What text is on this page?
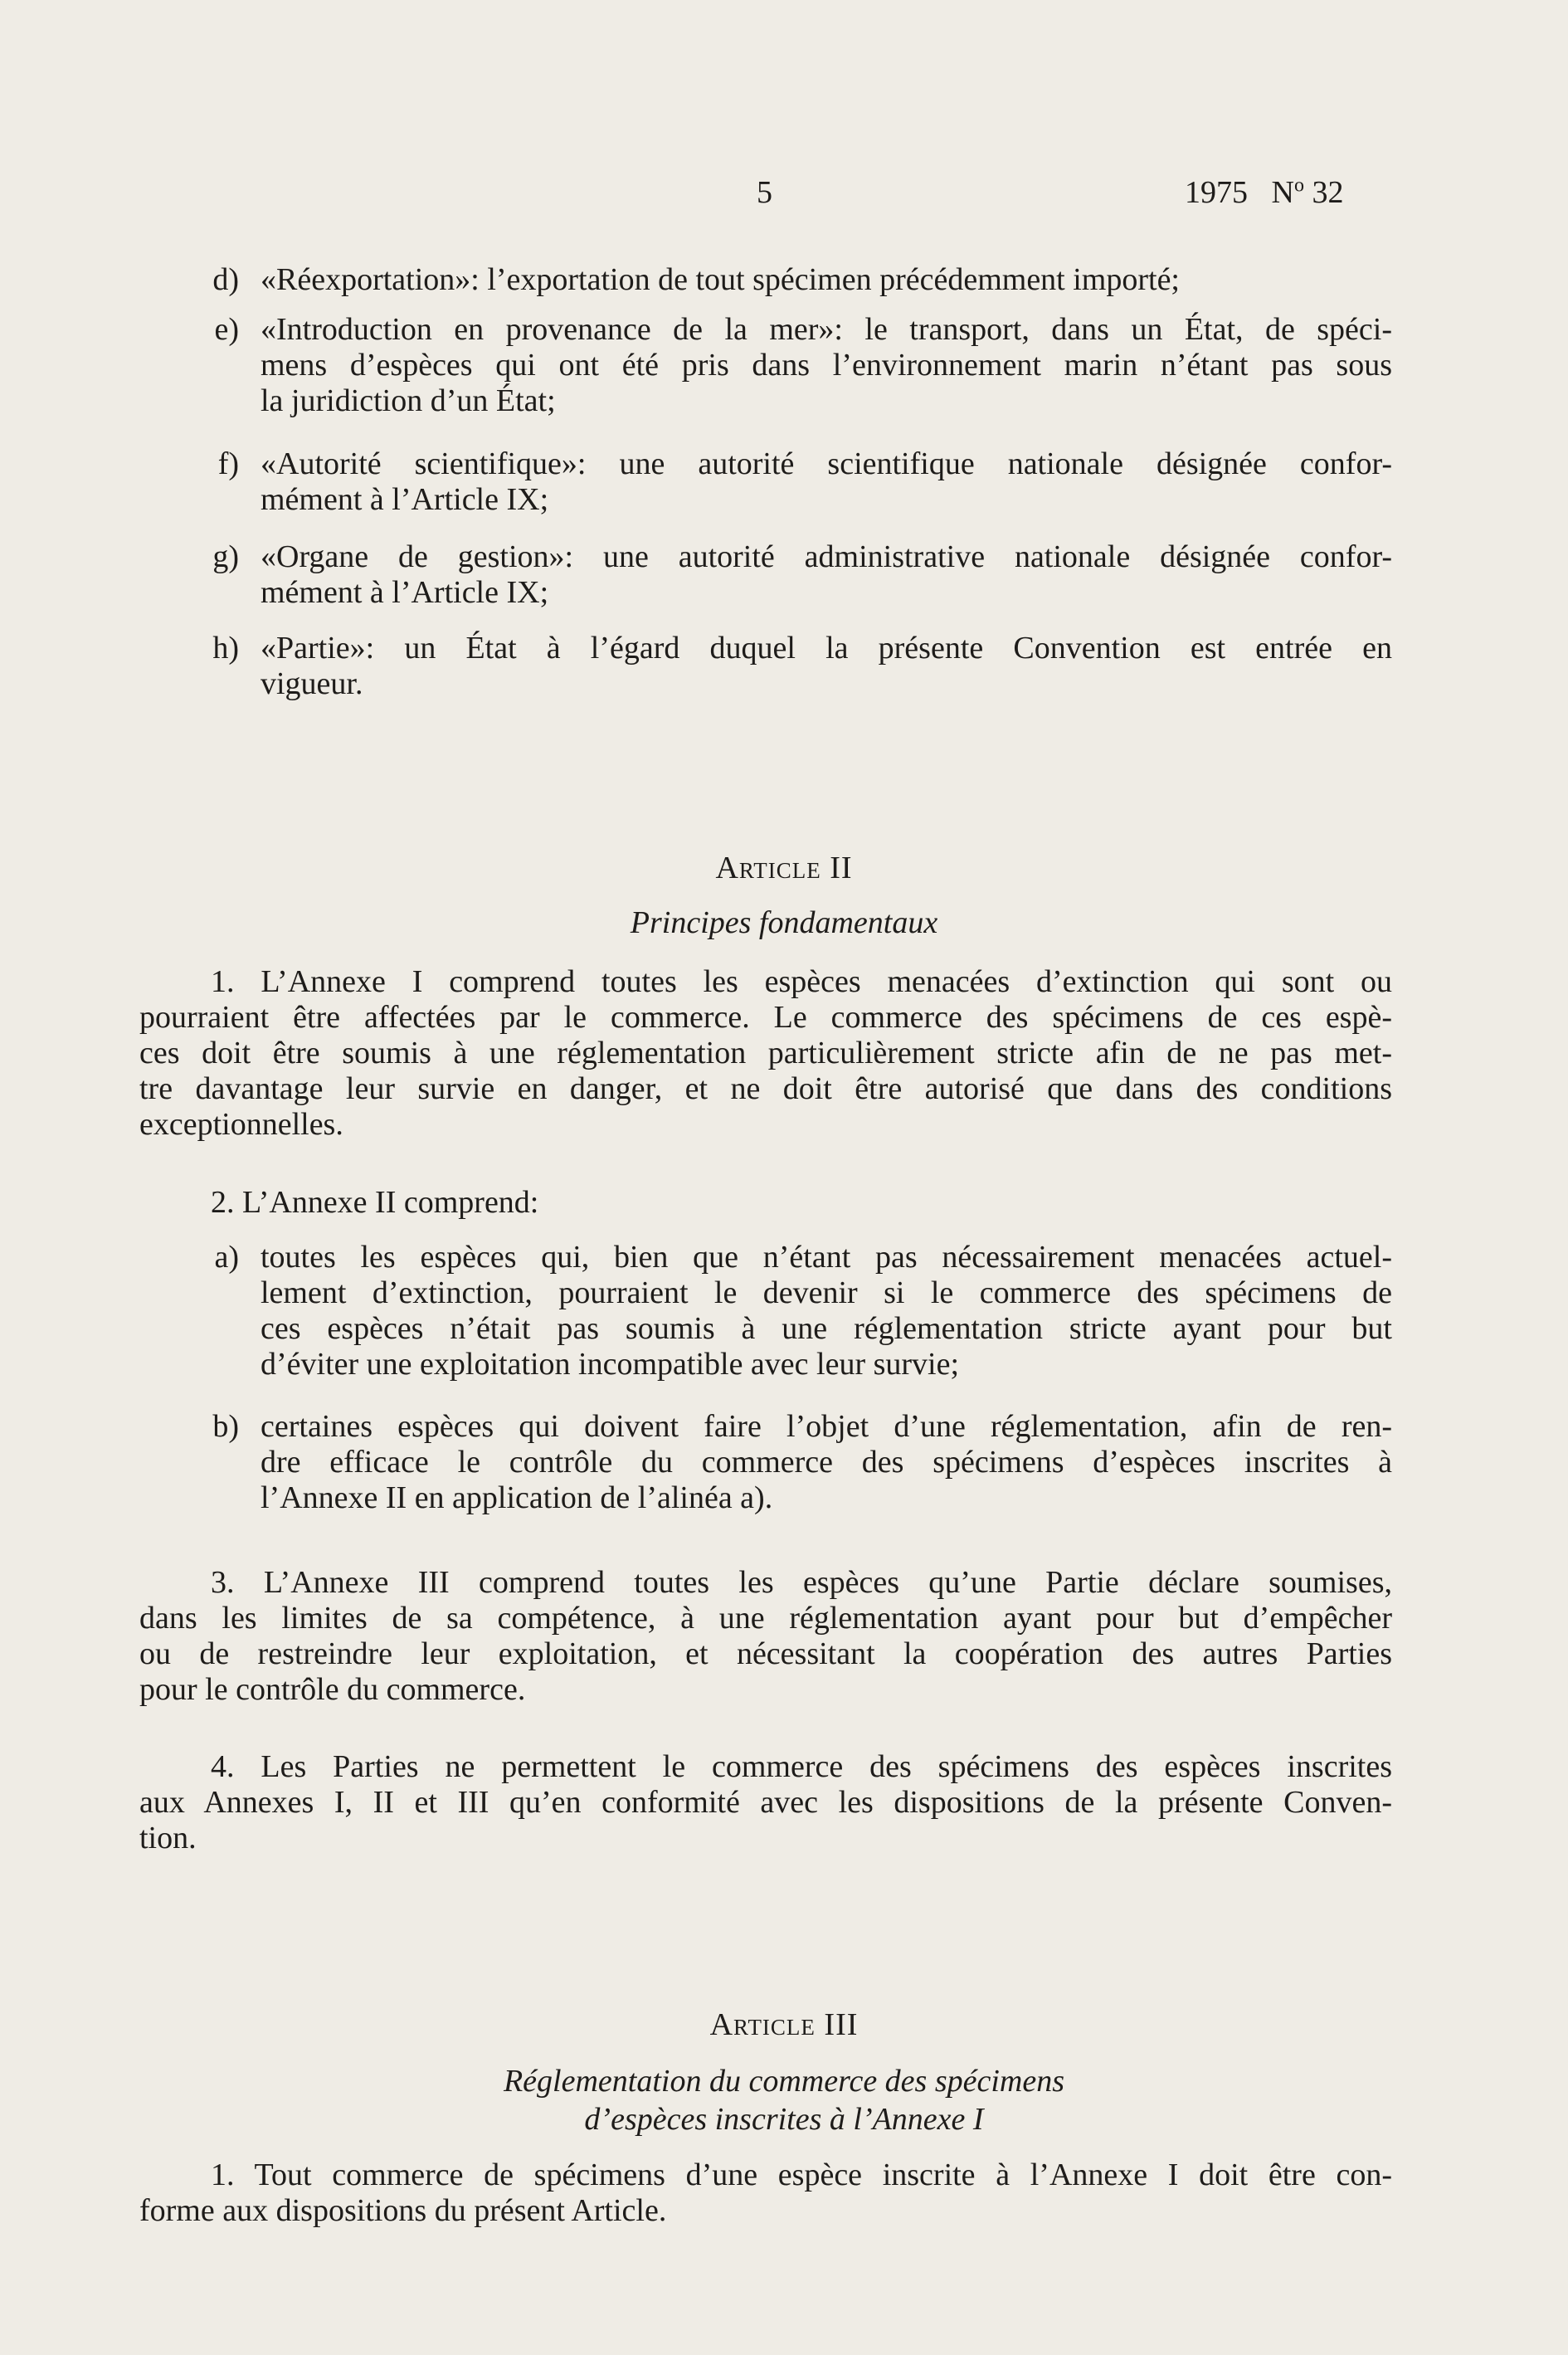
5	1975 $N^o$ 32
d) «Réexportation»: l’exportation de tout spécimen précédemment importé;
e) «Introduction en provenance de la mer»: le transport, dans un État, de spéci-
mens d’espèces qui ont été pris dans l’environnement marin n’étant pas sous
la juridiction d’un État;
f) «Autorité scientifique»: une autorité scientifique nationale désignée confor-
mément à l’Article IX;
g) «Organe de gestion»: une autorité administrative nationale désignée confor-
mément à l’Article IX;
h) «Partie»: un État à l’égard duquel la présente Convention est entrée en
vigueur.
Article II
Principes fondamentaux
1. L’Annexe I comprend toutes les espèces menacées d’extinction qui sont ou
pourraient être affectées par le commerce. Le commerce des spécimens de ces espè-
ces doit être soumis à une réglementation particulièrement stricte afin de ne pas met-
tre davantage leur survie en danger, et ne doit être autorisé que dans des conditions
exceptionnelles.
2. L’Annexe II comprend:
a) toutes les espèces qui, bien que n’étant pas nécessairement menacées actuel-
lement d’extinction, pourraient le devenir si le commerce des spécimens de
ces espèces n’était pas soumis à une réglementation stricte ayant pour but
d’éviter une exploitation incompatible avec leur survie;
b) certaines espèces qui doivent faire l’objet d’une réglementation, afin de ren-
dre efficace le contrôle du commerce des spécimens d’espèces inscrites à
l’Annexe II en application de l’alinéa a).
3. L’Annexe III comprend toutes les espèces qu’une Partie déclare soumises,
dans les limites de sa compétence, à une réglementation ayant pour but d’empêcher
ou de restreindre leur exploitation, et nécessitant la coopération des autres Parties
pour le contrôle du commerce.
4. Les Parties ne permettent le commerce des spécimens des espèces inscrites
aux Annexes I, II et III qu’en conformité avec les dispositions de la présente Conven-
tion.
Article III
Réglementation du commerce des spécimens
d’espèces inscrites à l’Annexe I
1. Tout commerce de spécimens d’une espèce inscrite à l’Annexe I doit être con-
forme aux dispositions du présent Article.
